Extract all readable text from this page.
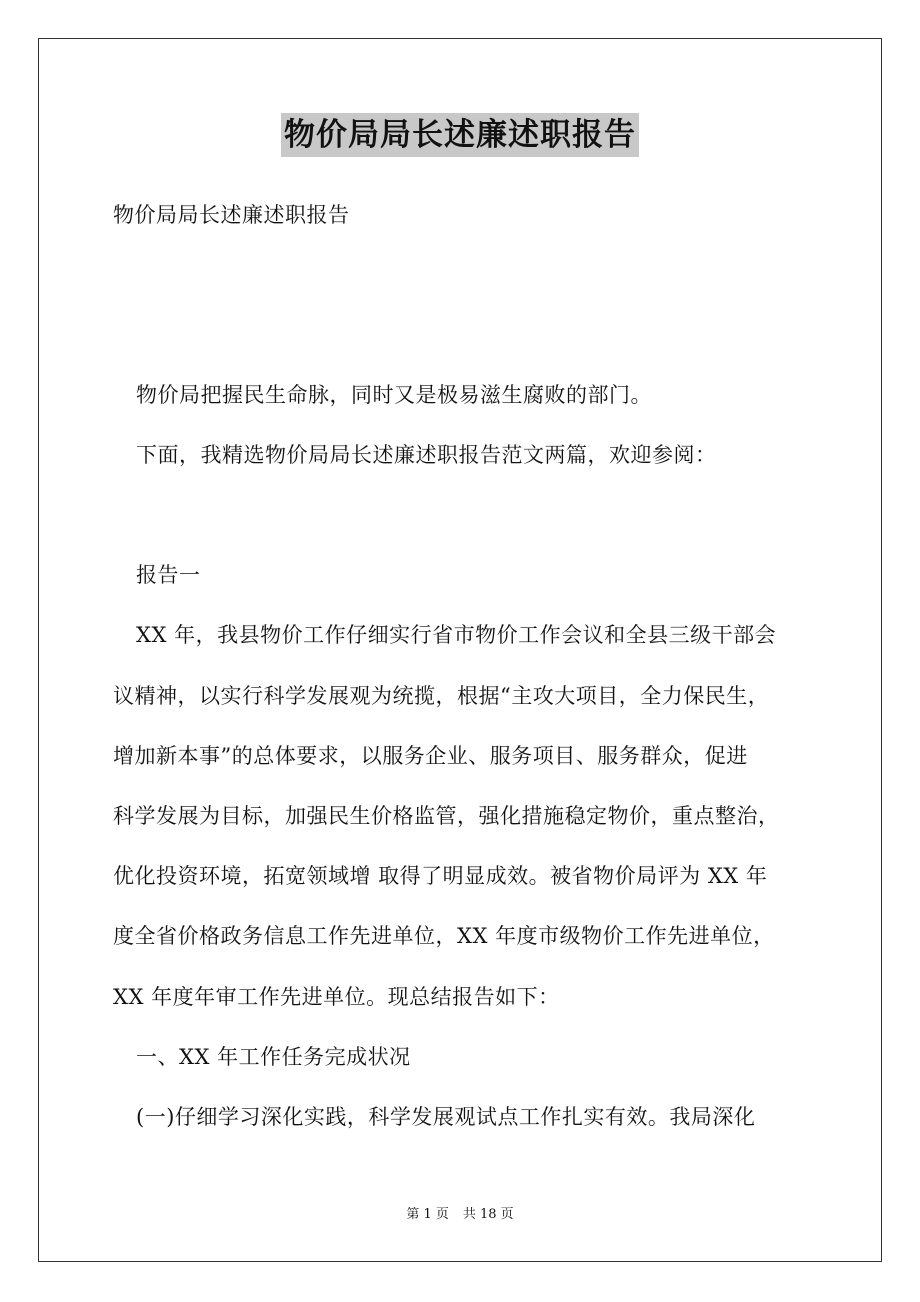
物价局局长述廉述职报告
物价局局长述廉述职报告
物价局把握民生命脉，同时又是极易滋生腐败的部门。
下面，我精选物价局局长述廉述职报告范文两篇，欢迎参阅：
报告一
XX 年，我县物价工作仔细实行省市物价工作会议和全县三级干部会
议精神，以实行科学发展观为统揽，根据“主攻大项目，全力保民生，
增加新本事”的总体要求，以服务企业、服务项目、服务群众，促进
科学发展为目标，加强民生价格监管，强化措施稳定物价，重点整治，
优化投资环境，拓宽领域增 取得了明显成效。被省物价局评为 XX 年
度全省价格政务信息工作先进单位，XX 年度市级物价工作先进单位，
XX 年度年审工作先进单位。现总结报告如下：
一、XX 年工作任务完成状况
(一)仔细学习深化实践，科学发展观试点工作扎实有效。我局深化
第 1 页 共 18 页
